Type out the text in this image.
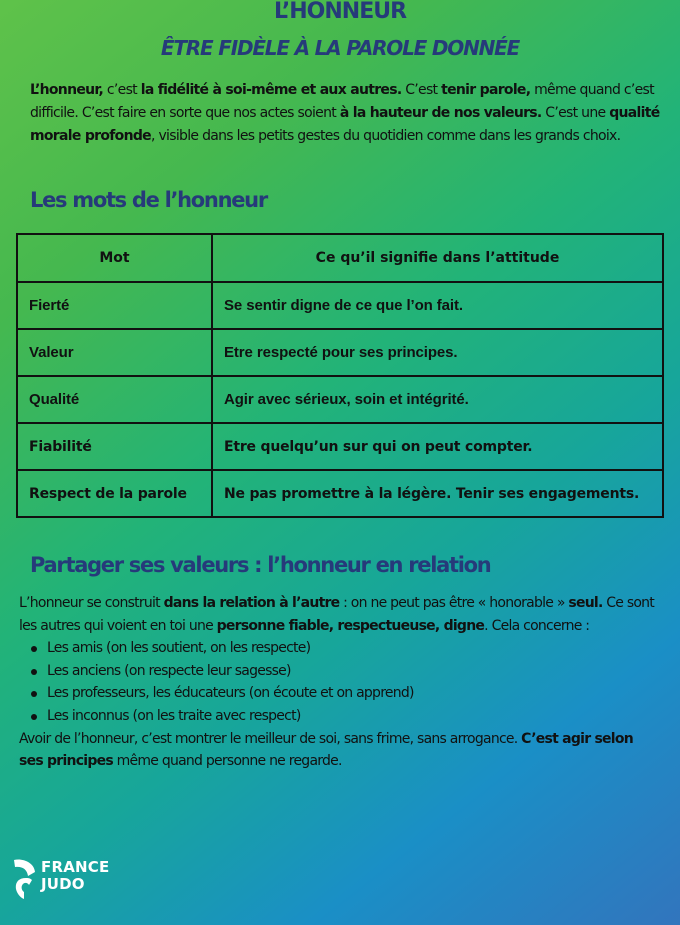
L’HONNEUR
ÊTRE FIDÈLE À LA PAROLE DONNÉE
L’honneur, c’est la fidélité à soi-même et aux autres. C’est tenir parole, même quand c’est difficile. C’est faire en sorte que nos actes soient à la hauteur de nos valeurs. C’est une qualité morale profonde, visible dans les petits gestes du quotidien comme dans les grands choix.
Les mots de l’honneur
Mot	Ce qu’il signifie dans l’attitude
Fierté	Se sentir digne de ce que l’on fait.
Valeur	Etre respecté pour ses principes.
Qualité	Agir avec sérieux, soin et intégrité.
Fiabilité	Etre quelqu’un sur qui on peut compter.
Respect de la parole	Ne pas promettre à la légère. Tenir ses engagements.
Partager ses valeurs : l’honneur en relation
L’honneur se construit dans la relation à l’autre : on ne peut pas être « honorable » seul. Ce sont les autres qui voient en toi une personne fiable, respectueuse, digne. Cela concerne :
Les amis (on les soutient, on les respecte)
Les anciens (on respecte leur sagesse)
Les professeurs, les éducateurs (on écoute et on apprend)
Les inconnus (on les traite avec respect)
Avoir de l’honneur, c’est montrer le meilleur de soi, sans frime, sans arrogance. C’est agir selon ses principes même quand personne ne regarde.
FRANCE
JUDO
